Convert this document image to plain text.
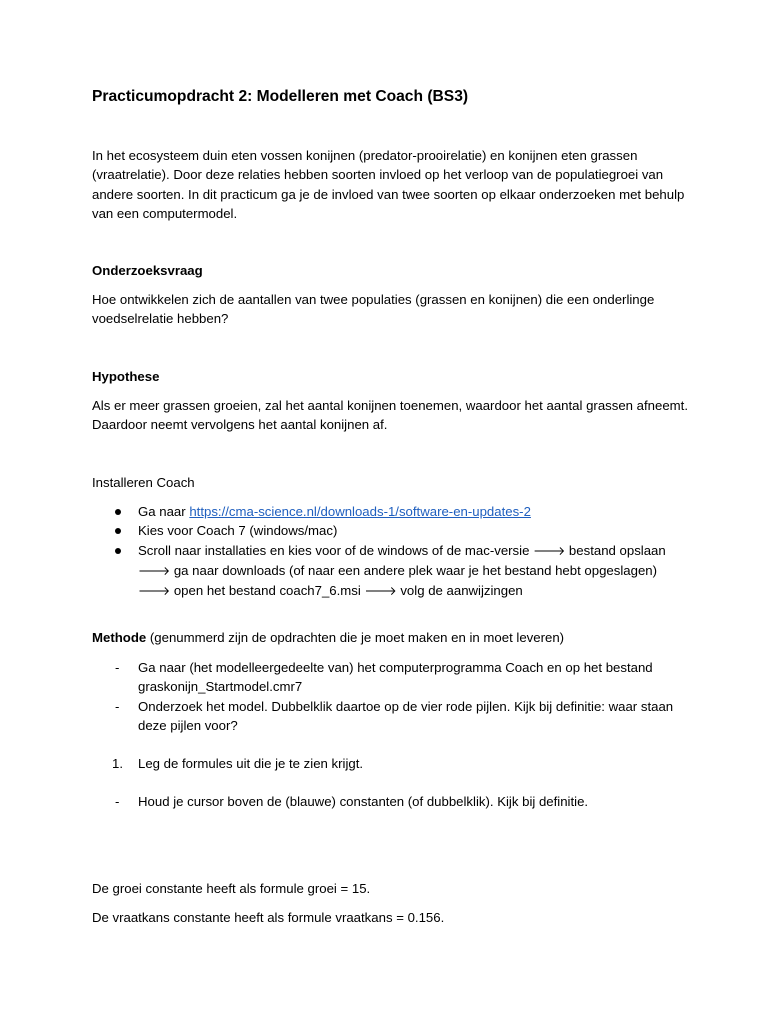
Practicumopdracht 2: Modelleren met Coach (BS3)

In het ecosysteem duin eten vossen konijnen (predator-prooirelatie) en konijnen eten grassen (vraatrelatie). Door deze relaties hebben soorten invloed op het verloop van de populatiegroei van andere soorten. In dit practicum ga je de invloed van twee soorten op elkaar onderzoeken met behulp van een computermodel.

Onderzoeksvraag

Hoe ontwikkelen zich de aantallen van twee populaties (grassen en konijnen) die een onderlinge voedselrelatie hebben?

Hypothese

Als er meer grassen groeien, zal het aantal konijnen toenemen, waardoor het aantal grassen afneemt. Daardoor neemt vervolgens het aantal konijnen af.

Installeren Coach
Ga naar https://cma-science.nl/downloads-1/software-en-updates-2
Kies voor Coach 7 (windows/mac)
Scroll naar installaties en kies voor of de windows of de mac-versie 🡒 bestand opslaan 🡒 ga naar downloads (of naar een andere plek waar je het bestand hebt opgeslagen) 🡒 open het bestand coach7_6.msi 🡒 volg de aanwijzingen
Methode (genummerd zijn de opdrachten die je moet maken en in moet leveren)
- Ga naar (het modelleergedeelte van) het computerprogramma Coach en op het bestand graskonijn_Startmodel.cmr7
- Onderzoek het model. Dubbelklik daartoe op de vier rode pijlen. Kijk bij definitie: waar staan deze pijlen voor?
1.	Leg de formules uit die je te zien krijgt.
- Houd je cursor boven de (blauwe) constanten (of dubbelklik). Kijk bij definitie.

De groei constante heeft als formule groei = 15.

De vraatkans constante heeft als formule vraatkans = 0.156.
